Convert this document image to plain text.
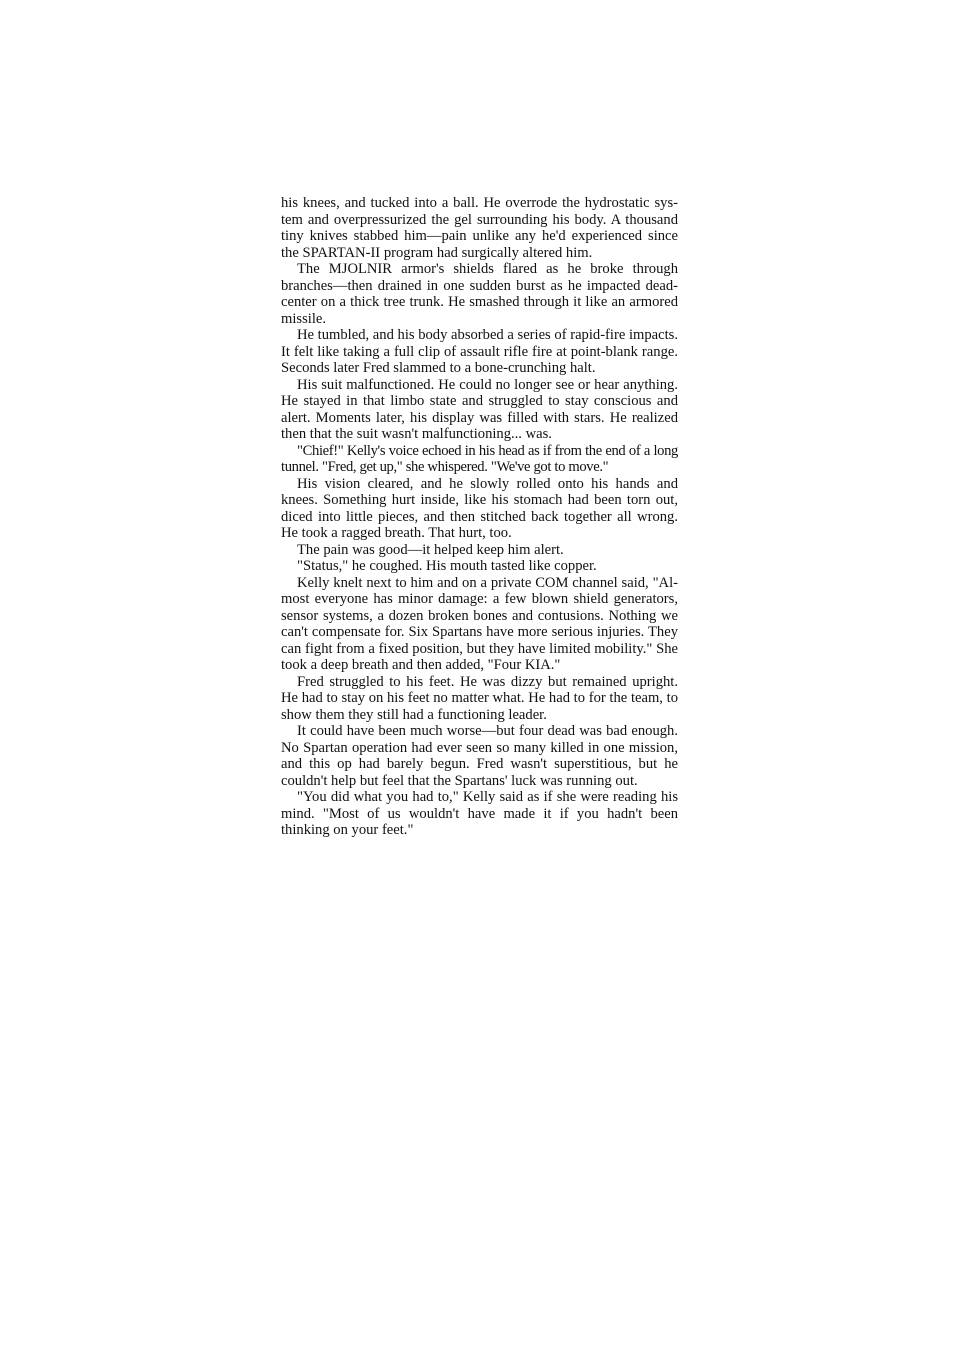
his knees, and tucked into a ball. He overrode the hydrostatic system and overpressurized the gel surrounding his body. A thousand tiny knives stabbed him—pain unlike any he'd experienced since the SPARTAN-II program had surgically altered him.

The MJOLNIR armor's shields flared as he broke through branches—then drained in one sudden burst as he impacted dead-center on a thick tree trunk. He smashed through it like an armored missile.

He tumbled, and his body absorbed a series of rapid-fire impacts. It felt like taking a full clip of assault rifle fire at point-blank range. Seconds later Fred slammed to a bone-crunching halt.

His suit malfunctioned. He could no longer see or hear anything. He stayed in that limbo state and struggled to stay conscious and alert. Moments later, his display was filled with stars. He realized then that the suit wasn't malfunctioning... was.

"Chief!" Kelly's voice echoed in his head as if from the end of a long tunnel. "Fred, get up," she whispered. "We've got to move."

His vision cleared, and he slowly rolled onto his hands and knees. Something hurt inside, like his stomach had been torn out, diced into little pieces, and then stitched back together all wrong. He took a ragged breath. That hurt, too.

The pain was good—it helped keep him alert.

"Status," he coughed. His mouth tasted like copper.

Kelly knelt next to him and on a private COM channel said, "Almost everyone has minor damage: a few blown shield generators, sensor systems, a dozen broken bones and contusions. Nothing we can't compensate for. Six Spartans have more serious injuries. They can fight from a fixed position, but they have limited mobility." She took a deep breath and then added, "Four KIA."

Fred struggled to his feet. He was dizzy but remained upright. He had to stay on his feet no matter what. He had to for the team, to show them they still had a functioning leader.

It could have been much worse—but four dead was bad enough. No Spartan operation had ever seen so many killed in one mission, and this op had barely begun. Fred wasn't superstitious, but he couldn't help but feel that the Spartans' luck was running out.

"You did what you had to," Kelly said as if she were reading his mind. "Most of us wouldn't have made it if you hadn't been thinking on your feet."
